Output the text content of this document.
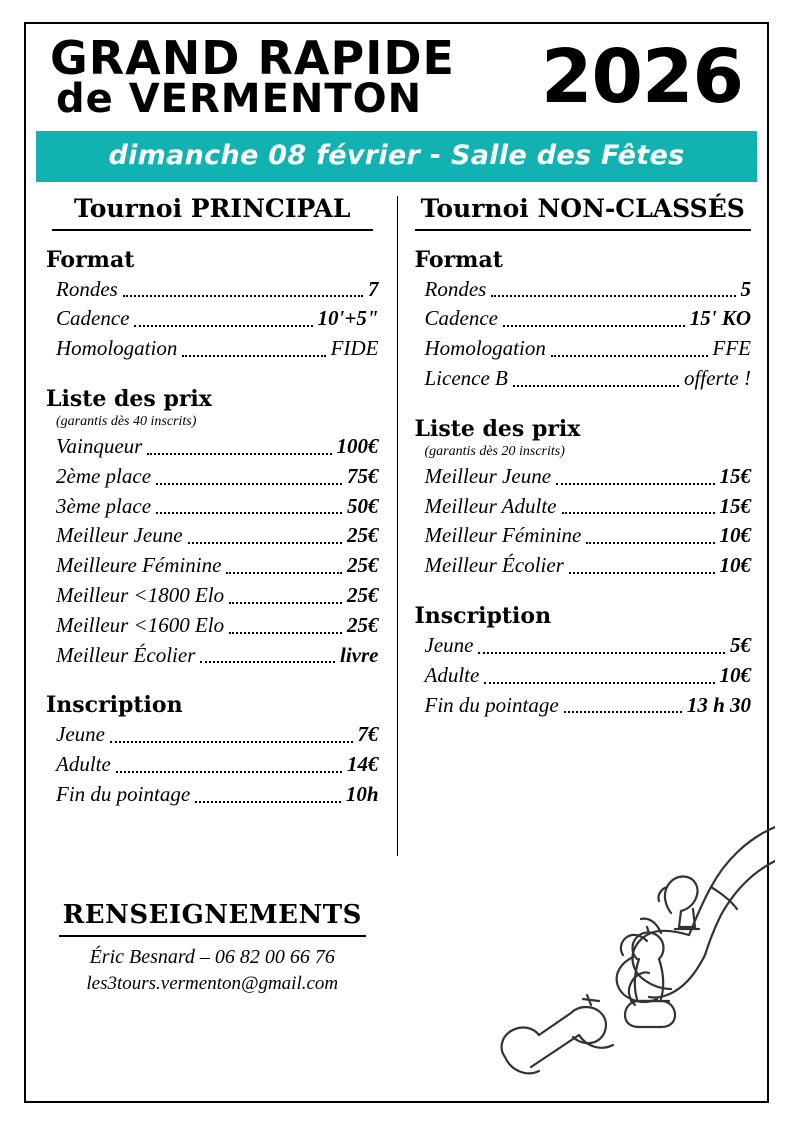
GRAND RAPIDE
de VERMENTON	2026
dimanche 08 février - Salle des Fêtes
Tournoi PRINCIPAL
Format
Rondes	7
Cadence	10'+5"
Homologation	FIDE
Liste des prix
(garantis dès 40 inscrits)
Vainqueur	100€
2ème place	75€
3ème place	50€
Meilleur Jeune	25€
Meilleure Féminine	25€
Meilleur <1800 Elo	25€
Meilleur <1600 Elo	25€
Meilleur Écolier	livre
Inscription
Jeune	7€
Adulte	14€
Fin du pointage	10h
Tournoi NON-CLASSÉS
Format
Rondes	5
Cadence	15' KO
Homologation	FFE
Licence B	offerte !
Liste des prix
(garantis dès 20 inscrits)
Meilleur Jeune	15€
Meilleur Adulte	15€
Meilleur Féminine	10€
Meilleur Écolier	10€
Inscription
Jeune	5€
Adulte	10€
Fin du pointage	13 h 30
RENSEIGNEMENTS
Éric Besnard – 06 82 00 66 76
les3tours.vermenton@gmail.com
